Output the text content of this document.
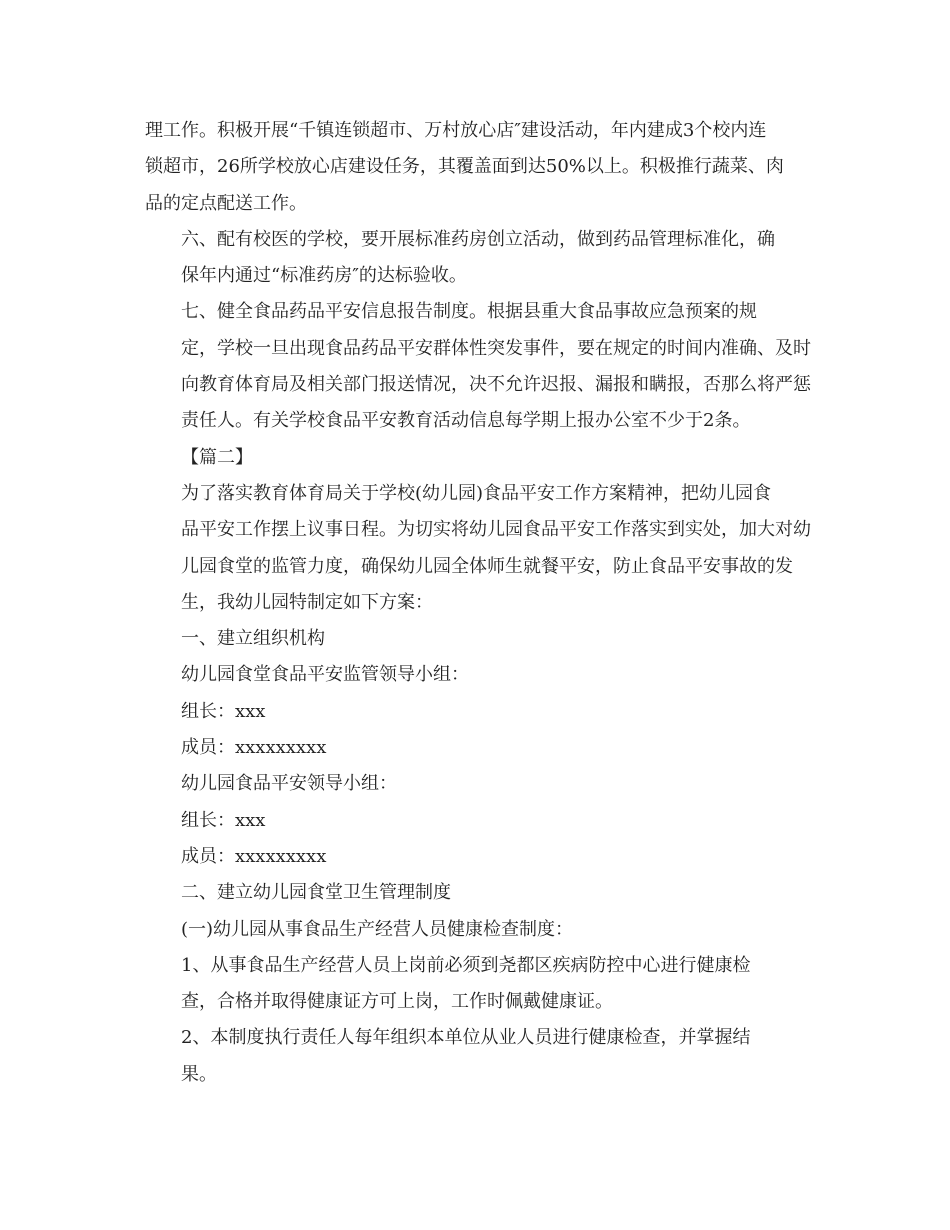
理工作。积极开展“千镇连锁超市、万村放心店″建设活动，年内建成3个校内连
锁超市，26所学校放心店建设任务，其覆盖面到达50%以上。积极推行蔬菜、肉
品的定点配送工作。
六、配有校医的学校，要开展标准药房创立活动，做到药品管理标准化，确
保年内通过“标准药房″的达标验收。
七、健全食品药品平安信息报告制度。根据县重大食品事故应急预案的规
定，学校一旦出现食品药品平安群体性突发事件，要在规定的时间内准确、及时
向教育体育局及相关部门报送情况，决不允许迟报、漏报和瞒报，否那么将严惩
责任人。有关学校食品平安教育活动信息每学期上报办公室不少于2条。
【篇二】
为了落实教育体育局关于学校(幼儿园)食品平安工作方案精神，把幼儿园食
品平安工作摆上议事日程。为切实将幼儿园食品平安工作落实到实处，加大对幼
儿园食堂的监管力度，确保幼儿园全体师生就餐平安，防止食品平安事故的发
生，我幼儿园特制定如下方案：
一、建立组织机构
幼儿园食堂食品平安监管领导小组：
组长：xxx
成员：xxxxxxxxx
幼儿园食品平安领导小组：
组长：xxx
成员：xxxxxxxxx
二、建立幼儿园食堂卫生管理制度
(一)幼儿园从事食品生产经营人员健康检查制度：
1、从事食品生产经营人员上岗前必须到尧都区疾病防控中心进行健康检
查，合格并取得健康证方可上岗，工作时佩戴健康证。
2、本制度执行责任人每年组织本单位从业人员进行健康检查，并掌握结
果。
